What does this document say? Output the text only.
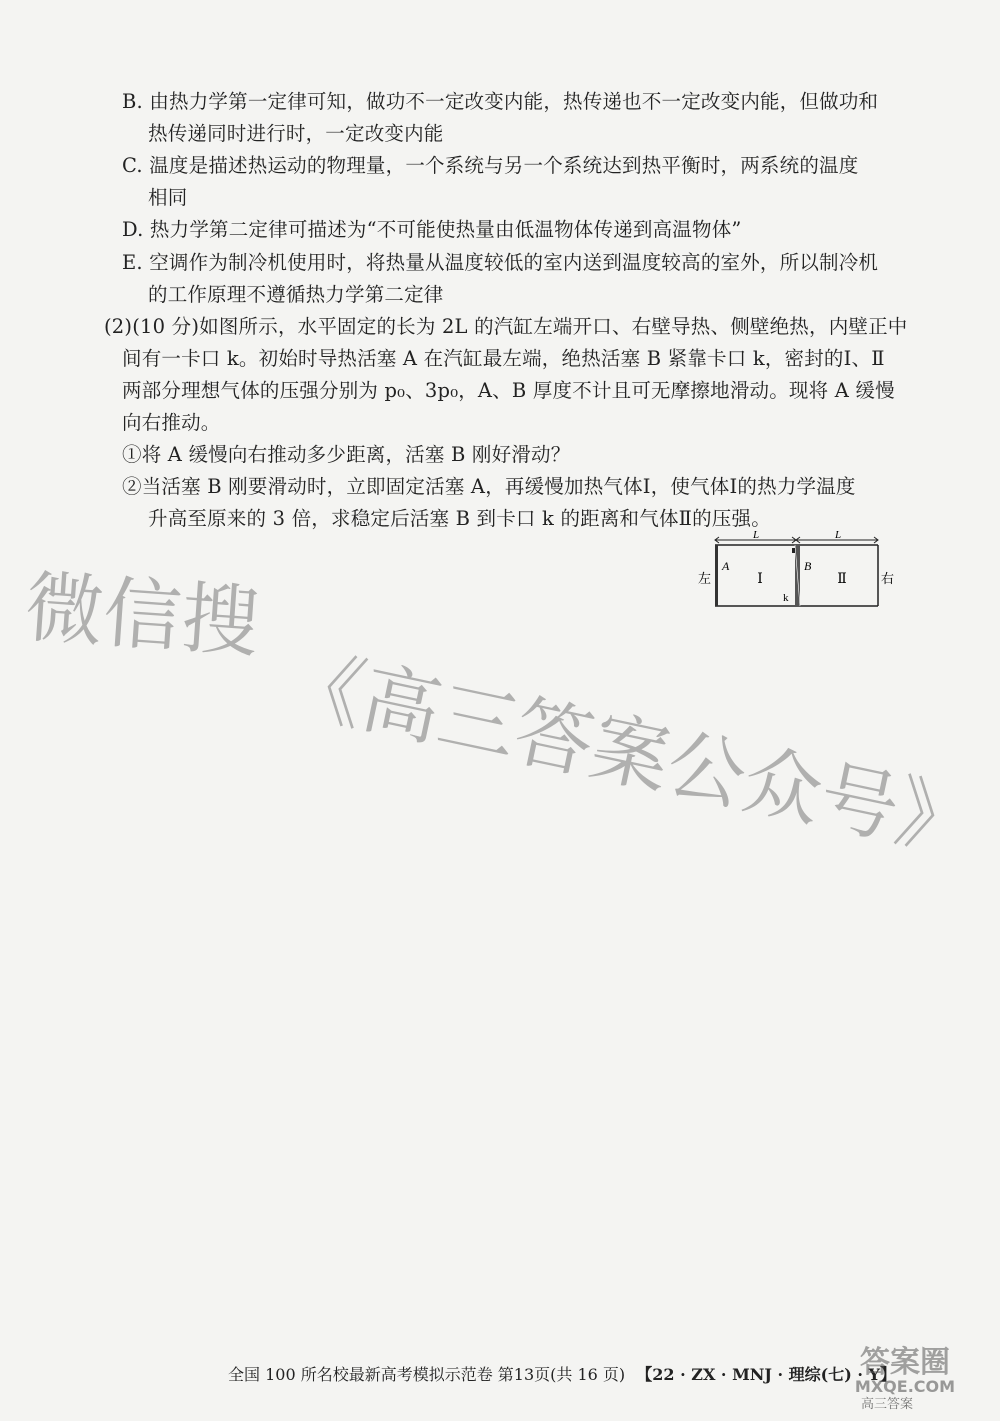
B. 由热力学第一定律可知，做功不一定改变内能，热传递也不一定改变内能，但做功和
热传递同时进行时，一定改变内能
C. 温度是描述热运动的物理量，一个系统与另一个系统达到热平衡时，两系统的温度
相同
D. 热力学第二定律可描述为“不可能使热量由低温物体传递到高温物体”
E. 空调作为制冷机使用时，将热量从温度较低的室内送到温度较高的室外，所以制冷机
的工作原理不遵循热力学第二定律
(2)(10 分)如图所示，水平固定的长为 2L 的汽缸左端开口、右壁导热、侧壁绝热，内壁正中
间有一卡口 k。初始时导热活塞 A 在汽缸最左端，绝热活塞 B 紧靠卡口 k，密封的Ⅰ、Ⅱ
两部分理想气体的压强分别为 p₀、3p₀，A、B 厚度不计且可无摩擦地滑动。现将 A 缓慢
向右推动。
①将 A 缓慢向右推动多少距离，活塞 B 刚好滑动？
②当活塞 B 刚要滑动时，立即固定活塞 A，再缓慢加热气体Ⅰ，使气体Ⅰ的热力学温度
升高至原来的 3 倍，求稳定后活塞 B 到卡口 k 的距离和气体Ⅱ的压强。
L	L
左	右
A	B
Ⅰ	Ⅱ
k
微信搜
《高三答案公众号》
全国 100 所名校最新高考模拟示范卷 第13页(共 16 页) 【22 · ZX · MNJ · 理综(七) · Y】
答案圈
MXQE.COM
高三答案
